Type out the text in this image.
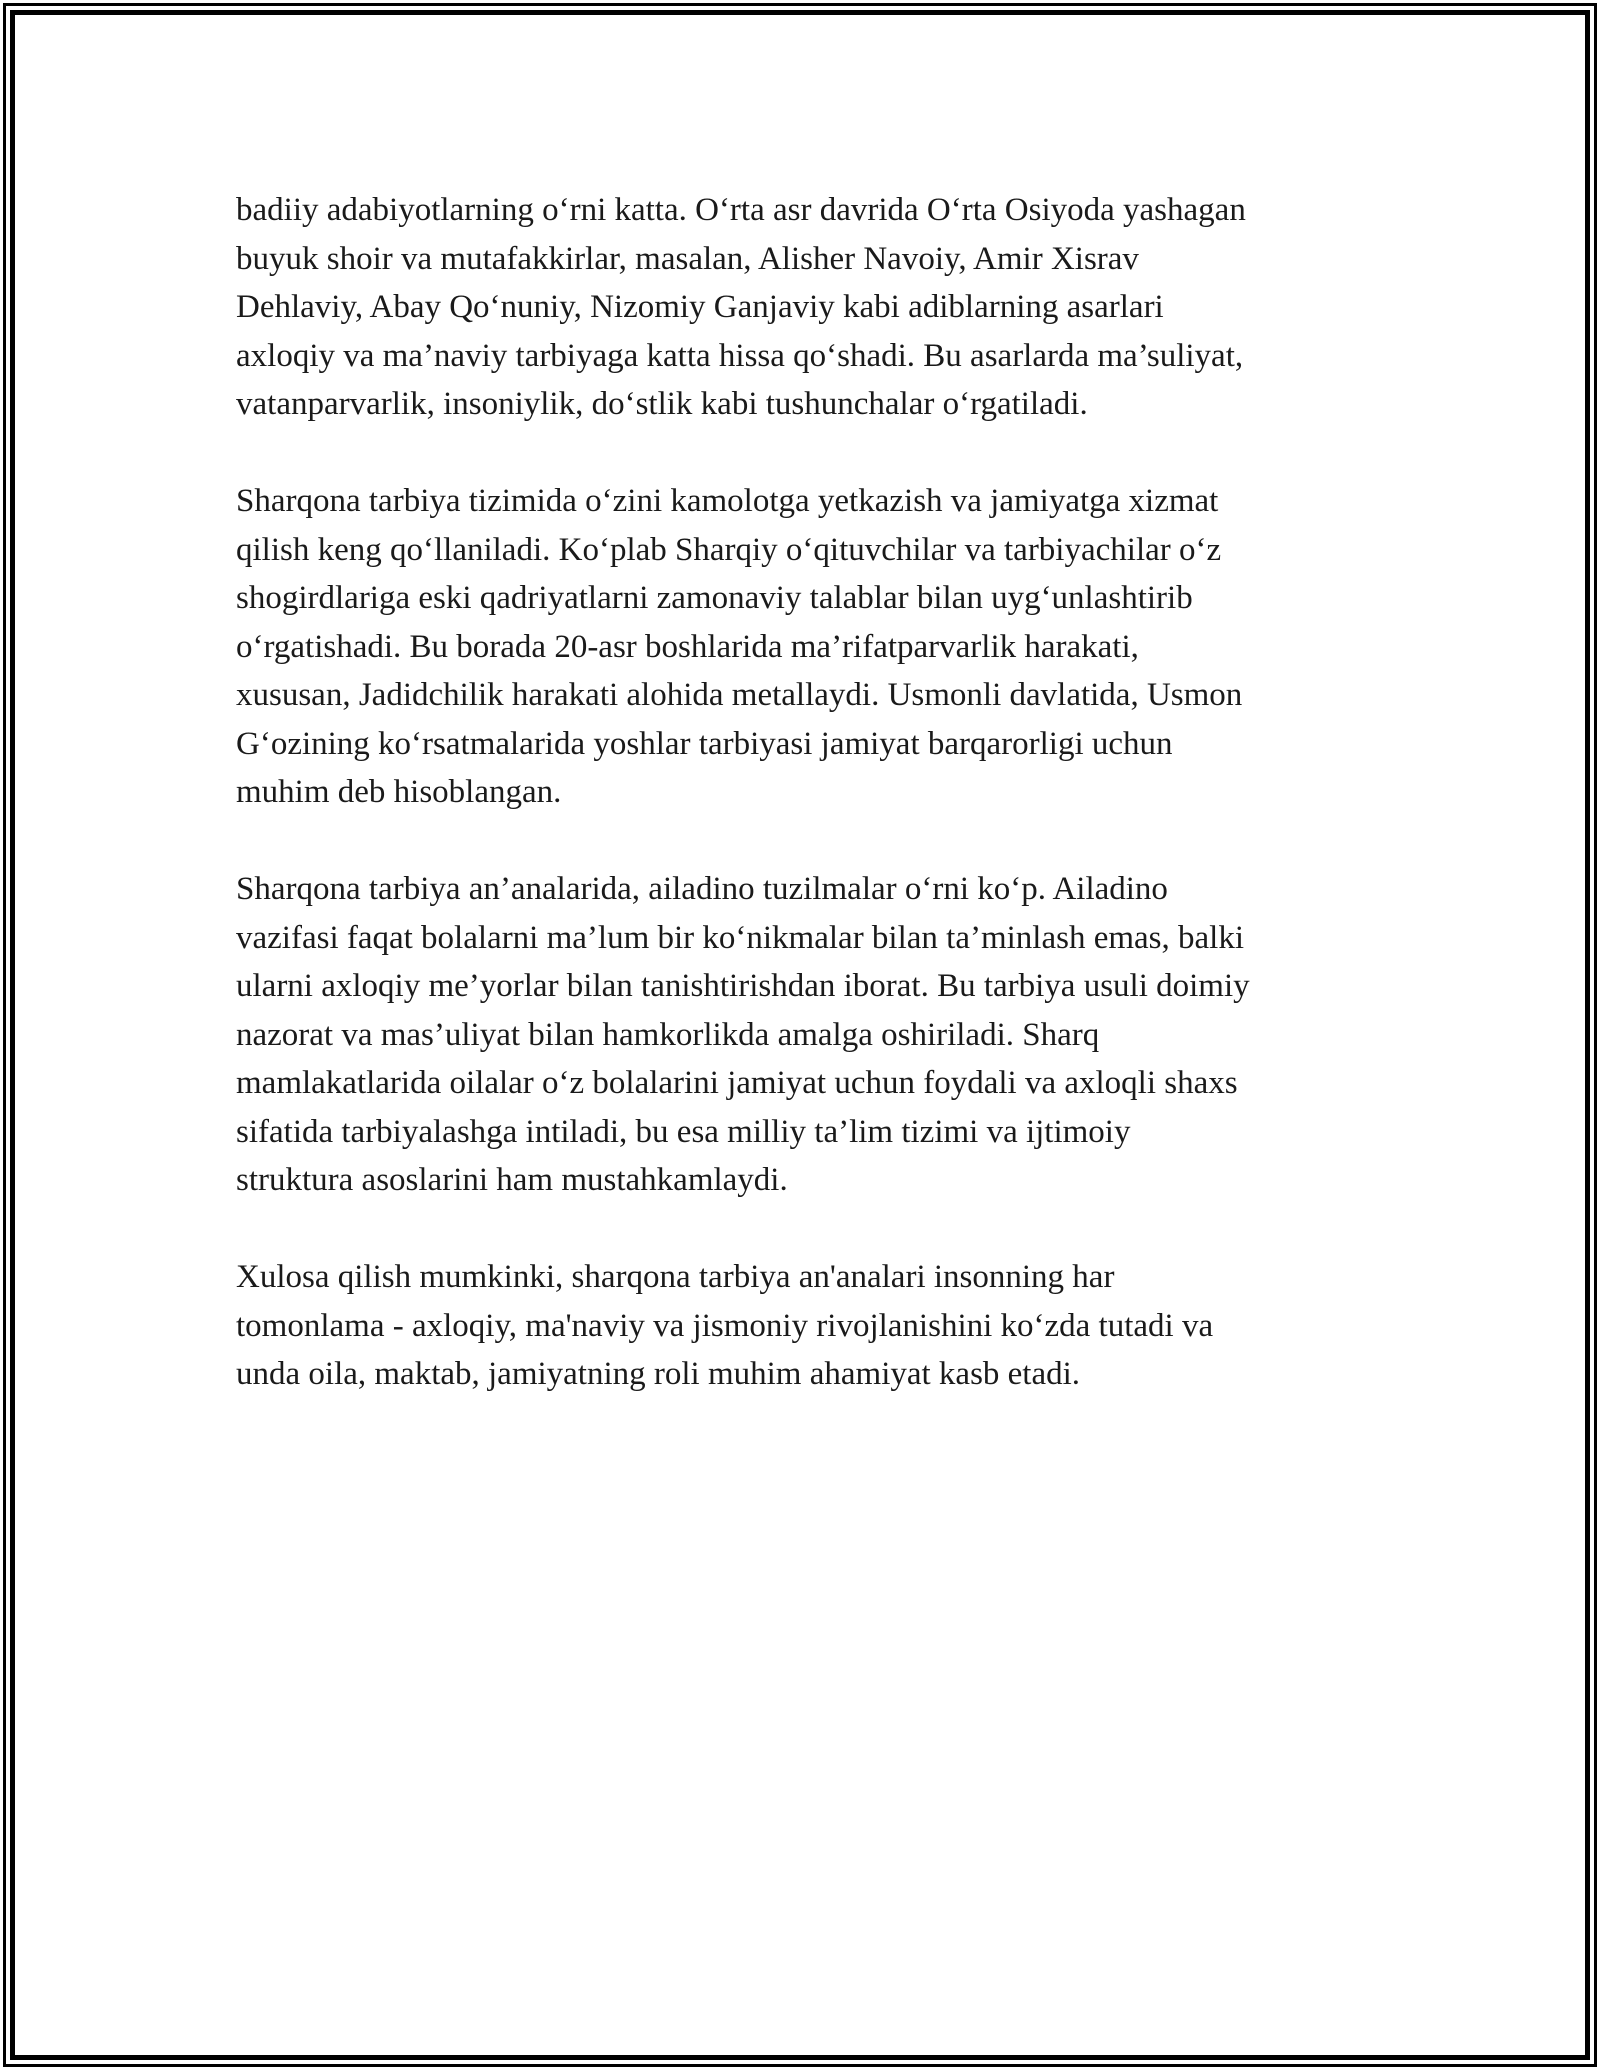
badiiy adabiyotlarning o‘rni katta. O‘rta asr davrida O‘rta Osiyoda yashagan
buyuk shoir va mutafakkirlar, masalan, Alisher Navoiy, Amir Xisrav
Dehlaviy, Abay Qo‘nuniy, Nizomiy Ganjaviy kabi adiblarning asarlari
axloqiy va ma’naviy tarbiyaga katta hissa qo‘shadi. Bu asarlarda ma’suliyat,
vatanparvarlik, insoniylik, do‘stlik kabi tushunchalar o‘rgatiladi.

Sharqona tarbiya tizimida o‘zini kamolotga yetkazish va jamiyatga xizmat
qilish keng qo‘llaniladi. Ko‘plab Sharqiy o‘qituvchilar va tarbiyachilar o‘z
shogirdlariga eski qadriyatlarni zamonaviy talablar bilan uyg‘unlashtirib
o‘rgatishadi. Bu borada 20-asr boshlarida ma’rifatparvarlik harakati,
xususan, Jadidchilik harakati alohida metallaydi. Usmonli davlatida, Usmon
G‘ozining ko‘rsatmalarida yoshlar tarbiyasi jamiyat barqarorligi uchun
muhim deb hisoblangan.

Sharqona tarbiya an’analarida, ailadino tuzilmalar o‘rni ko‘p. Ailadino
vazifasi faqat bolalarni ma’lum bir ko‘nikmalar bilan ta’minlash emas, balki
ularni axloqiy me’yorlar bilan tanishtirishdan iborat. Bu tarbiya usuli doimiy
nazorat va mas’uliyat bilan hamkorlikda amalga oshiriladi. Sharq
mamlakatlarida oilalar o‘z bolalarini jamiyat uchun foydali va axloqli shaxs
sifatida tarbiyalashga intiladi, bu esa milliy ta’lim tizimi va ijtimoiy
struktura asoslarini ham mustahkamlaydi.

Xulosa qilish mumkinki, sharqona tarbiya an'analari insonning har
tomonlama - axloqiy, ma'naviy va jismoniy rivojlanishini ko‘zda tutadi va
unda oila, maktab, jamiyatning roli muhim ahamiyat kasb etadi.
